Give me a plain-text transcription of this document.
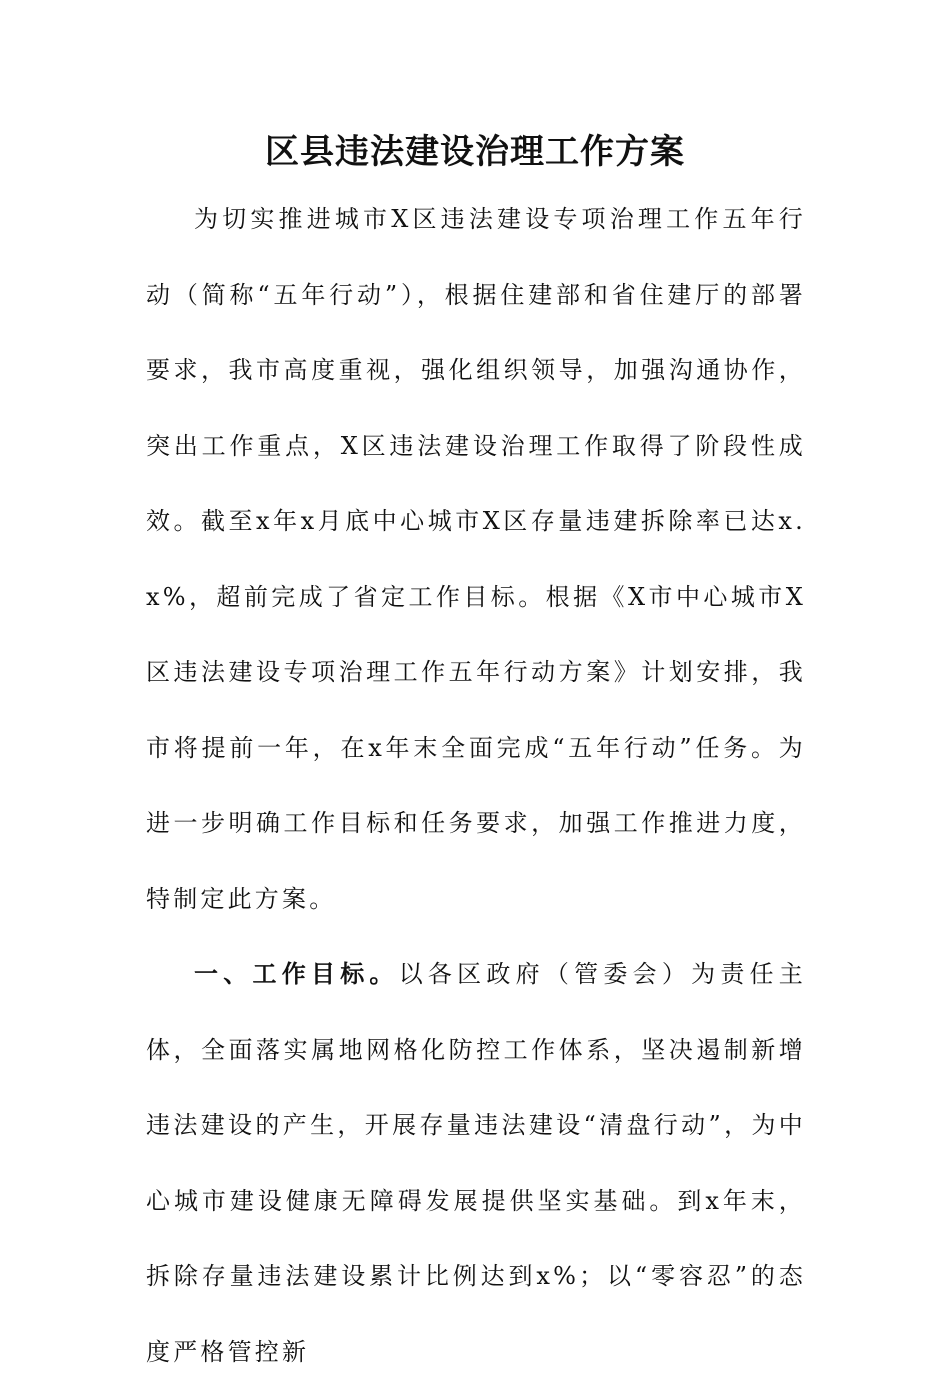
区县违法建设治理工作方案

为切实推进城市X区违法建设专项治理工作五年行动（简称“五年行动”），根据住建部和省住建厅的部署要求，我市高度重视，强化组织领导，加强沟通协作，突出工作重点，X区违法建设治理工作取得了阶段性成效。截至x年x月底中心城市X区存量违建拆除率已达x.x%，超前完成了省定工作目标。根据《X市中心城市X区违法建设专项治理工作五年行动方案》计划安排，我市将提前一年，在x年末全面完成“五年行动”任务。为进一步明确工作目标和任务要求，加强工作推进力度，特制定此方案。

一、工作目标。以各区政府（管委会）为责任主体，全面落实属地网格化防控工作体系，坚决遏制新增违法建设的产生，开展存量违法建设“清盘行动”，为中心城市建设健康无障碍发展提供坚实基础。到x年末，拆除存量违法建设累计比例达到x%；以“零容忍”的态度严格管控新
